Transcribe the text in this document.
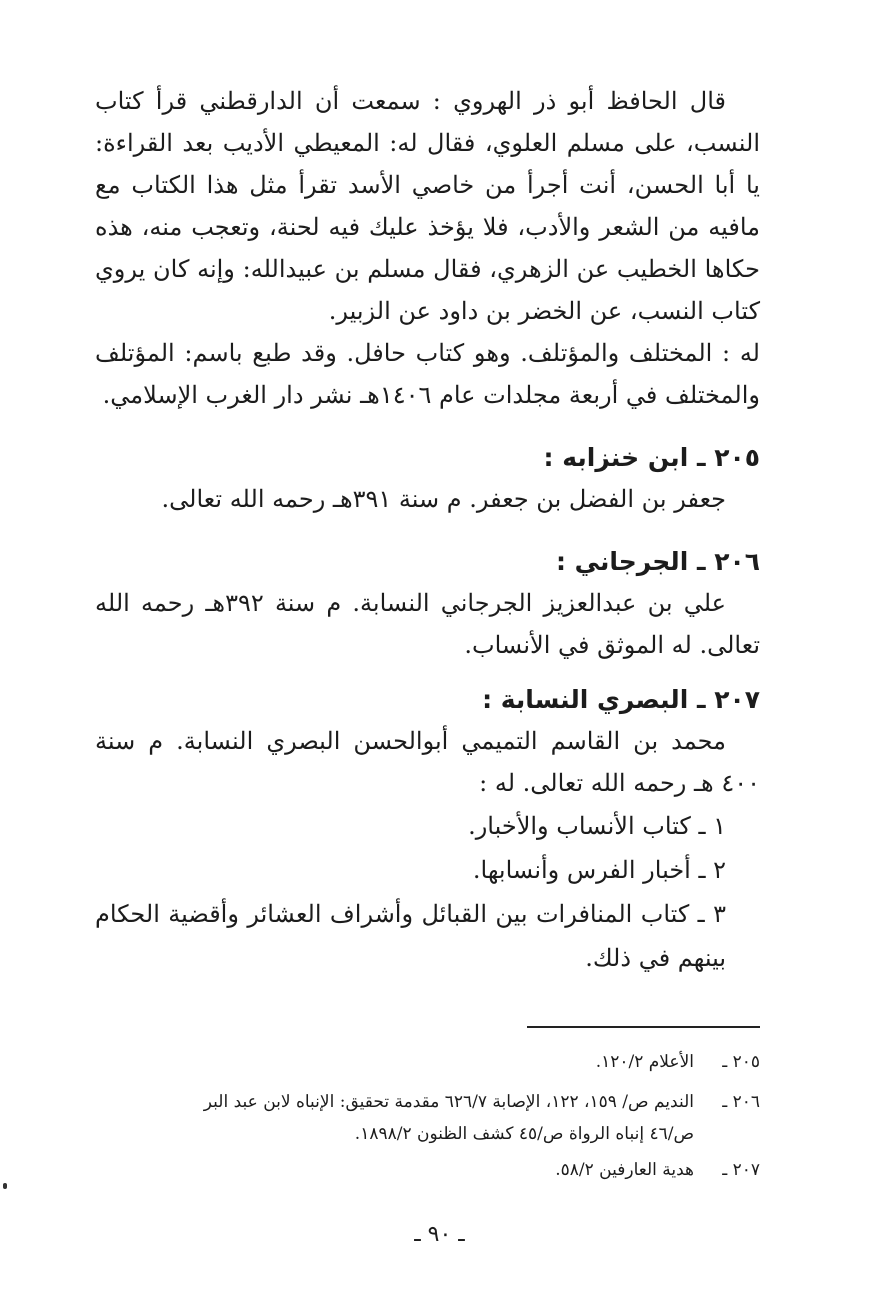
قال الحافظ أبو ذر الهروي : سمعت أن الدارقطني قرأ كتاب النسب، على مسلم العلوي، فقال له: المعيطي الأديب بعد القراءة: يا أبا الحسن، أنت أجرأ من خاصي الأسد تقرأ مثل هذا الكتاب مع مافيه من الشعر والأدب، فلا يؤخذ عليك فيه لحنة، وتعجب منه، هذه حكاها الخطيب عن الزهري، فقال مسلم بن عبيدالله: وإنه كان يروي كتاب النسب، عن الخضر بن داود عن الزبير.

له : المختلف والمؤتلف. وهو كتاب حافل. وقد طبع باسم: المؤتلف والمختلف في أربعة مجلدات عام ١٤٠٦هـ نشر دار الغرب الإسلامي.

٢٠٥ ـ ابن خنزابه :

جعفر بن الفضل بن جعفر. م سنة ٣٩١هـ رحمه الله تعالى.

٢٠٦ ـ الجرجاني :

علي بن عبدالعزيز الجرجاني النسابة. م سنة ٣٩٢هـ رحمه الله تعالى. له الموثق في الأنساب.

٢٠٧ ـ البصري النسابة :

محمد بن القاسم التميمي أبوالحسن البصري النسابة. م سنة ٤٠٠ هـ رحمه الله تعالى. له :

١ ـ كتاب الأنساب والأخبار.

٢ ـ أخبار الفرس وأنسابها.

٣ ـ كتاب المنافرات بين القبائل وأشراف العشائر وأقضية الحكام بينهم في ذلك.

٢٠٥ ـالأعلام ١٢٠/٢.
٢٠٦ ـالنديم ص/ ١٥٩، ١٢٢، الإصابة ٦٢٦/٧ مقدمة تحقيق: الإنباه لابن عبد البر
ص/٤٦ إنباه الرواة ص/٤٥ كشف الظنون ١٨٩٨/٢.
٢٠٧ ـهدية العارفين ٥٨/٢.
ـ ٩٠ ـ
